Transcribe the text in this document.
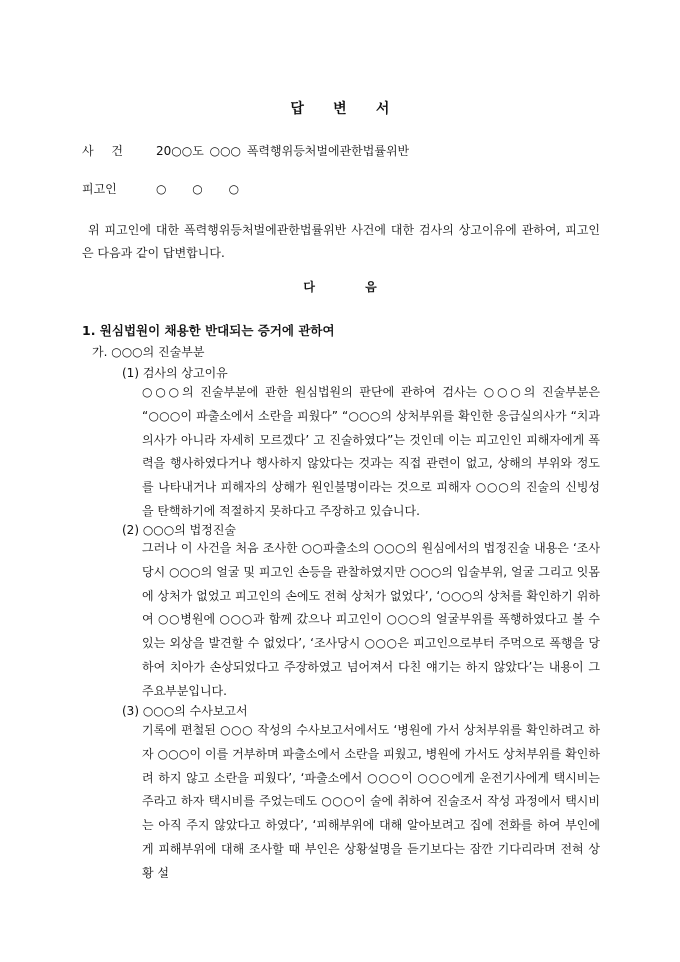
답 변 서
사 건	20○○도 ○○○ 폭력행위등처벌에관한법률위반
피고인	○ ○ ○
위 피고인에 대한 폭력행위등처벌에관한법률위반 사건에 대한 검사의 상고이유에 관하여, 피고인은 다음과 같이 답변합니다.
다 음
1. 원심법원이 채용한 반대되는 증거에 관하여
가. ○○○의 진술부분
(1) 검사의 상고이유
○○○의 진술부분에 관한 원심법원의 판단에 관하여 검사는 ○○○의 진술부분은 “○○○이 파출소에서 소란을 피웠다” “○○○의 상처부위를 확인한 응급실의사가 “치과의사가 아니라 자세히 모르겠다’ 고 진술하였다”는 것인데 이는 피고인인 피해자에게 폭력을 행사하였다거나 행사하지 않았다는 것과는 직접 관련이 없고, 상해의 부위와 정도를 나타내거나 피해자의 상해가 원인불명이라는 것으로 피해자 ○○○의 진술의 신빙성을 탄핵하기에 적절하지 못하다고 주장하고 있습니다.
(2) ○○○의 법정진술
그러나 이 사건을 처음 조사한 ○○파출소의 ○○○의 원심에서의 법정진술 내용은 ‘조사당시 ○○○의 얼굴 및 피고인 손등을 관찰하였지만 ○○○의 입술부위, 얼굴 그리고 잇몸에 상처가 없었고 피고인의 손에도 전혀 상처가 없었다’, ‘○○○의 상처를 확인하기 위하여 ○○병원에 ○○○과 함께 갔으나 피고인이 ○○○의 얼굴부위를 폭행하였다고 볼 수 있는 외상을 발견할 수 없었다’, ‘조사당시 ○○○은 피고인으로부터 주먹으로 폭행을 당하여 치아가 손상되었다고 주장하였고 넘어져서 다친 얘기는 하지 않았다’는 내용이 그 주요부분입니다.
(3) ○○○의 수사보고서
기록에 편철된 ○○○ 작성의 수사보고서에서도 ‘병원에 가서 상처부위를 확인하려고 하자 ○○○이 이를 거부하며 파출소에서 소란을 피웠고, 병원에 가서도 상처부위를 확인하려 하지 않고 소란을 피웠다’, ‘파출소에서 ○○○이 ○○○에게 운전기사에게 택시비는 주라고 하자 택시비를 주었는데도 ○○○이 술에 취하여 진술조서 작성 과정에서 택시비는 아직 주지 않았다고 하였다’, ‘피해부위에 대해 알아보려고 집에 전화를 하여 부인에게 피해부위에 대해 조사할 때 부인은 상황설명을 듣기보다는 잠깐 기다리라며 전혀 상황 설
